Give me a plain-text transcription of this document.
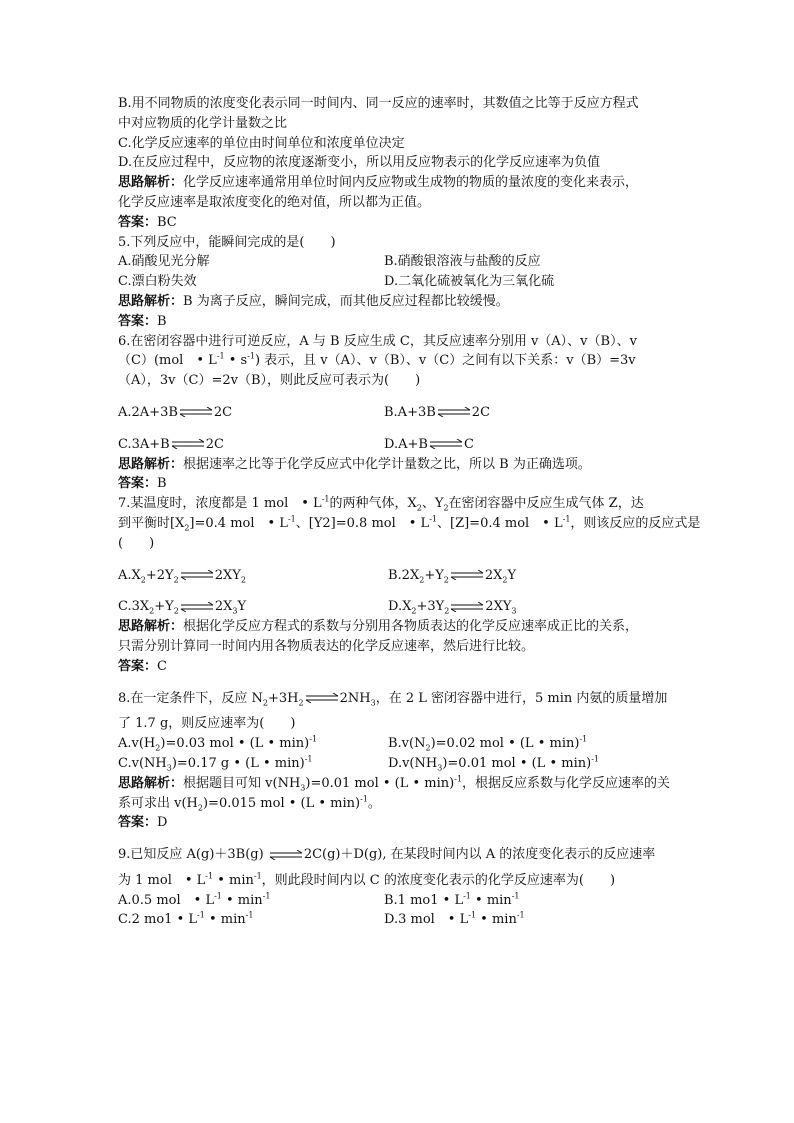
B.用不同物质的浓度变化表示同一时间内、同一反应的速率时，其数值之比等于反应方程式
中对应物质的化学计量数之比
C.化学反应速率的单位由时间单位和浓度单位决定
D.在反应过程中，反应物的浓度逐渐变小，所以用反应物表示的化学反应速率为负值
思路解析：化学反应速率通常用单位时间内反应物或生成物的物质的量浓度的变化来表示，
化学反应速率是取浓度变化的绝对值，所以都为正值。
答案：BC
5.下列反应中，能瞬间完成的是(　　)
A.硝酸见光分解	B.硝酸银溶液与盐酸的反应
C.漂白粉失效	D.二氧化硫被氧化为三氧化硫
思路解析：B 为离子反应，瞬间完成，而其他反应过程都比较缓慢。
答案：B
6.在密闭容器中进行可逆反应，A 与 B 反应生成 C，其反应速率分别用 v（A）、v（B）、v
（C）(mol　• $L^{-1}$ • $s^{-1}$) 表示，且 v（A）、v（B）、v（C）之间有以下关系：v（B）=3v
（A），3v（C）=2v（B），则此反应可表示为(　　)
A.2A+3B⇌2C	B.A+3B⇌2C
C.3A+B⇌2C	D.A+B⇌C
思路解析：根据速率之比等于化学反应式中化学计量数之比，所以 B 为正确选项。
答案：B
7.某温度时，浓度都是 1 mol　• $L^{-1}$的两种气体，$X_2$、$Y_2$在密闭容器中反应生成气体 Z，达
到平衡时$[X_2]=0.4$ mol　• $L^{-1}$、[Y2]=0.8 mol　• $L^{-1}$、[Z]=0.4 mol　• $L^{-1}$，则该反应的反应式是
(　　)
$A.X_2+2Y_2\rightleftharpoons 2XY_2$	$B.2X_2+Y_2\rightleftharpoons 2X_2Y$
$C.3X_2+Y_2\rightleftharpoons 2X_3Y$	$D.X_2+3Y_2\rightleftharpoons 2XY_3$
思路解析：根据化学反应方程式的系数与分别用各物质表达的化学反应速率成正比的关系，
只需分别计算同一时间内用各物质表达的化学反应速率，然后进行比较。
答案：C
8.在一定条件下，反应 $N_2+3H_2\rightleftharpoons 2NH_3$，在 2 L 密闭容器中进行，5 min 内氨的质量增加
了 1.7 g，则反应速率为(　　)
$A.v(H_2)=0.03$ mol • (L • min)$^{-1}$	$B.v(N_2)=0.02$ mol • (L • min)$^{-1}$
$C.v(NH_3)=0.17$ g • (L • min)$^{-1}$	$D.v(NH_3)=0.01$ mol • (L • min)$^{-1}$
思路解析：根据题目可知 $v(NH_3)=0.01$ mol • (L • min)$^{-1}$，根据反应系数与化学反应速率的关
系可求出 $v(H_2)=0.015$ mol • (L • min)$^{-1}$。
答案：D
9.已知反应 A(g)＋3B(g) ⇌2C(g)＋D(g), 在某段时间内以 A 的浓度变化表示的反应速率
为 1 mol　• $L^{-1}$ • $\min^{-1}$，则此段时间内以 C 的浓度变化表示的化学反应速率为(　　)
A.0.5 mol　• $L^{-1}$ • $\min^{-1}$	B.1 mo1 • $L^{-1}$ • $\min^{-1}$
C.2 mo1 • $L^{-1}$ • $\min^{-1}$	D.3 mol　• $L^{-1}$ • $\min^{-1}$
